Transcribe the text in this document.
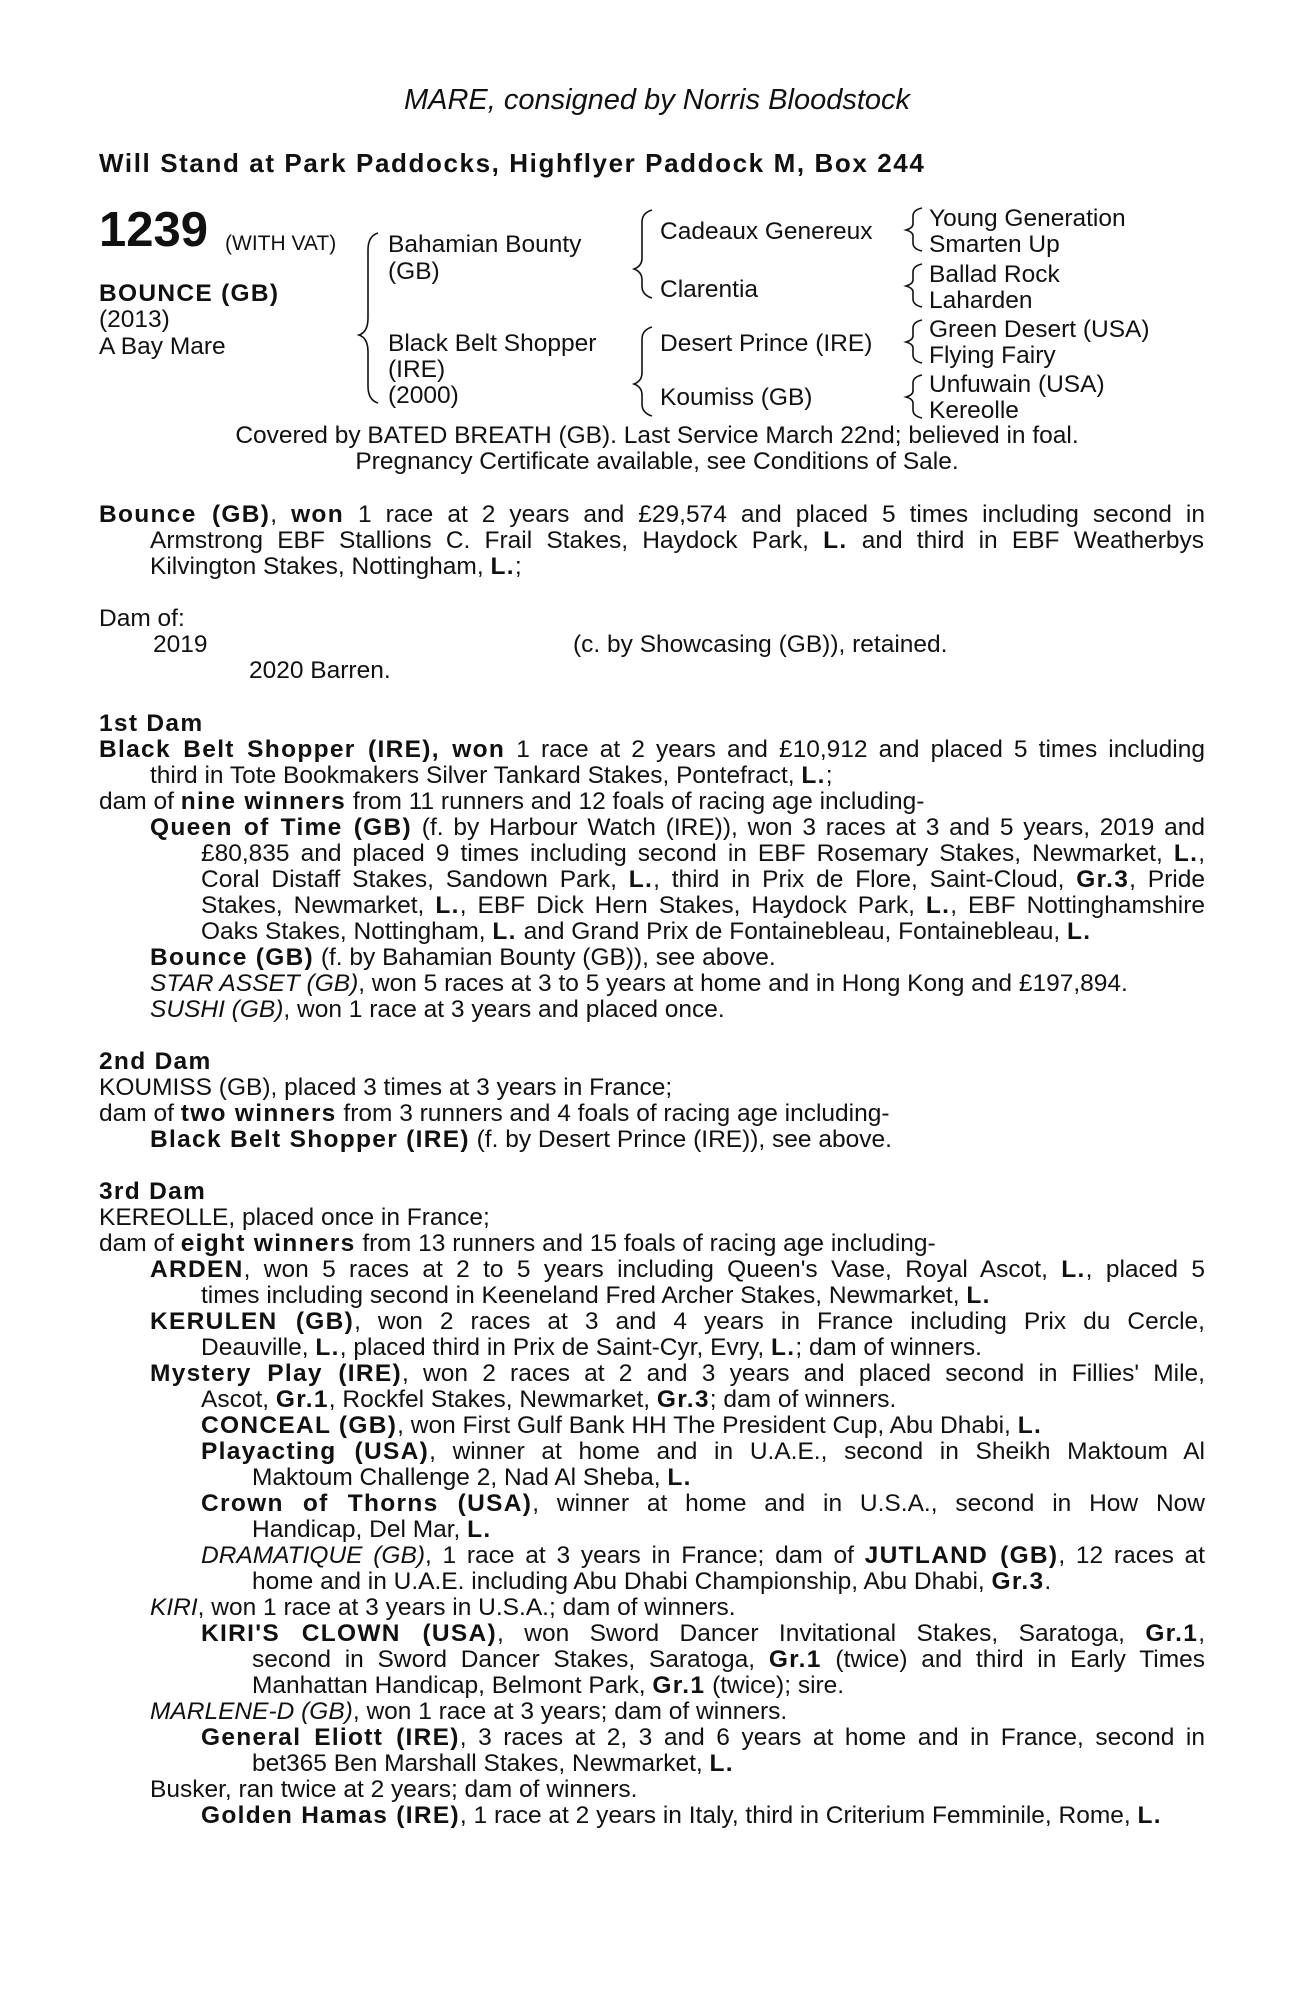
MARE, consigned by Norris Bloodstock
Will Stand at Park Paddocks, Highflyer Paddock M, Box 244
1239 (WITH VAT)
BOUNCE (GB)
(2013)
A Bay Mare
Bahamian Bounty
(GB)
Black Belt Shopper
(IRE)
(2000)
Cadeaux Genereux
Clarentia
Desert Prince (IRE)
Koumiss (GB)
Young Generation
Smarten Up
Ballad Rock
Laharden
Green Desert (USA)
Flying Fairy
Unfuwain (USA)
Kereolle
Covered by BATED BREATH (GB). Last Service March 22nd; believed in foal.
Pregnancy Certificate available, see Conditions of Sale.
Bounce (GB), won 1 race at 2 years and £29,574 and placed 5 times including second in
Armstrong EBF Stallions C. Frail Stakes, Haydock Park, L. and third in EBF Weatherbys
Kilvington Stakes, Nottingham, L.;
Dam of:
2019	(c. by Showcasing (GB)), retained.
2020 Barren.
1st Dam
Black Belt Shopper (IRE), won 1 race at 2 years and £10,912 and placed 5 times including
third in Tote Bookmakers Silver Tankard Stakes, Pontefract, L.;
dam of nine winners from 11 runners and 12 foals of racing age including-
Queen of Time (GB) (f. by Harbour Watch (IRE)), won 3 races at 3 and 5 years, 2019 and
£80,835 and placed 9 times including second in EBF Rosemary Stakes, Newmarket, L.,
Coral Distaff Stakes, Sandown Park, L., third in Prix de Flore, Saint-Cloud, Gr.3, Pride
Stakes, Newmarket, L., EBF Dick Hern Stakes, Haydock Park, L., EBF Nottinghamshire
Oaks Stakes, Nottingham, L. and Grand Prix de Fontainebleau, Fontainebleau, L.
Bounce (GB) (f. by Bahamian Bounty (GB)), see above.
STAR ASSET (GB), won 5 races at 3 to 5 years at home and in Hong Kong and £197,894.
SUSHI (GB), won 1 race at 3 years and placed once.
2nd Dam
KOUMISS (GB), placed 3 times at 3 years in France;
dam of two winners from 3 runners and 4 foals of racing age including-
Black Belt Shopper (IRE) (f. by Desert Prince (IRE)), see above.
3rd Dam
KEREOLLE, placed once in France;
dam of eight winners from 13 runners and 15 foals of racing age including-
ARDEN, won 5 races at 2 to 5 years including Queen's Vase, Royal Ascot, L., placed 5
times including second in Keeneland Fred Archer Stakes, Newmarket, L.
KERULEN (GB), won 2 races at 3 and 4 years in France including Prix du Cercle,
Deauville, L., placed third in Prix de Saint-Cyr, Evry, L.; dam of winners.
Mystery Play (IRE), won 2 races at 2 and 3 years and placed second in Fillies' Mile,
Ascot, Gr.1, Rockfel Stakes, Newmarket, Gr.3; dam of winners.
CONCEAL (GB), won First Gulf Bank HH The President Cup, Abu Dhabi, L.
Playacting (USA), winner at home and in U.A.E., second in Sheikh Maktoum Al
Maktoum Challenge 2, Nad Al Sheba, L.
Crown of Thorns (USA), winner at home and in U.S.A., second in How Now
Handicap, Del Mar, L.
DRAMATIQUE (GB), 1 race at 3 years in France; dam of JUTLAND (GB), 12 races at
home and in U.A.E. including Abu Dhabi Championship, Abu Dhabi, Gr.3.
KIRI, won 1 race at 3 years in U.S.A.; dam of winners.
KIRI'S CLOWN (USA), won Sword Dancer Invitational Stakes, Saratoga, Gr.1,
second in Sword Dancer Stakes, Saratoga, Gr.1 (twice) and third in Early Times
Manhattan Handicap, Belmont Park, Gr.1 (twice); sire.
MARLENE-D (GB), won 1 race at 3 years; dam of winners.
General Eliott (IRE), 3 races at 2, 3 and 6 years at home and in France, second in
bet365 Ben Marshall Stakes, Newmarket, L.
Busker, ran twice at 2 years; dam of winners.
Golden Hamas (IRE), 1 race at 2 years in Italy, third in Criterium Femminile, Rome, L.
